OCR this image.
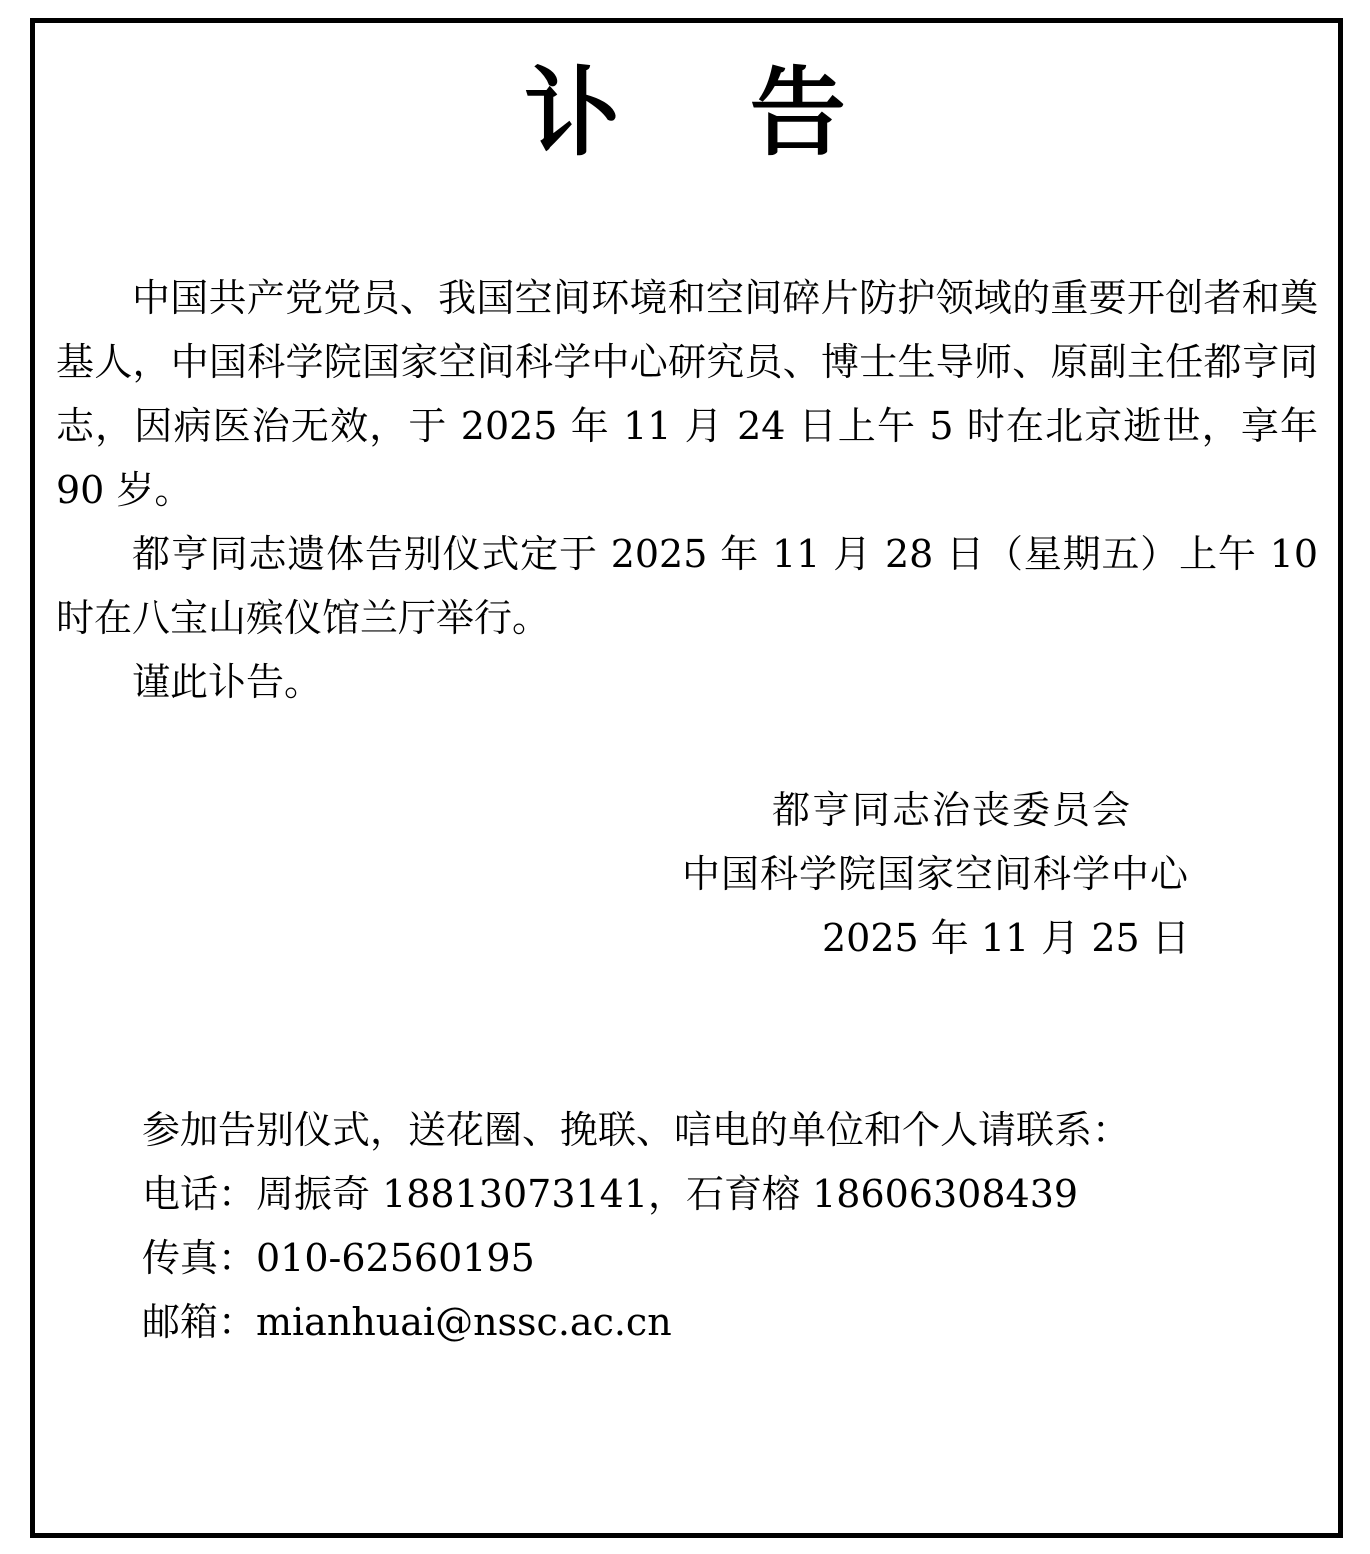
讣 告

中国共产党党员、我国空间环境和空间碎片防护领域的重要开创者和奠基人，中国科学院国家空间科学中心研究员、博士生导师、原副主任都亨同志，因病医治无效，于 2025 年 11 月 24 日上午 5 时在北京逝世，享年 90 岁。

都亨同志遗体告别仪式定于 2025 年 11 月 28 日（星期五）上午 10 时在八宝山殡仪馆兰厅举行。

谨此讣告。

都亨同志治丧委员会
中国科学院国家空间科学中心
2025 年 11 月 25 日
参加告别仪式，送花圈、挽联、唁电的单位和个人请联系：
电话：周振奇 18813073141，石育榕 18606308439
传真：010-62560195
邮箱：mianhuai@nssc.ac.cn
